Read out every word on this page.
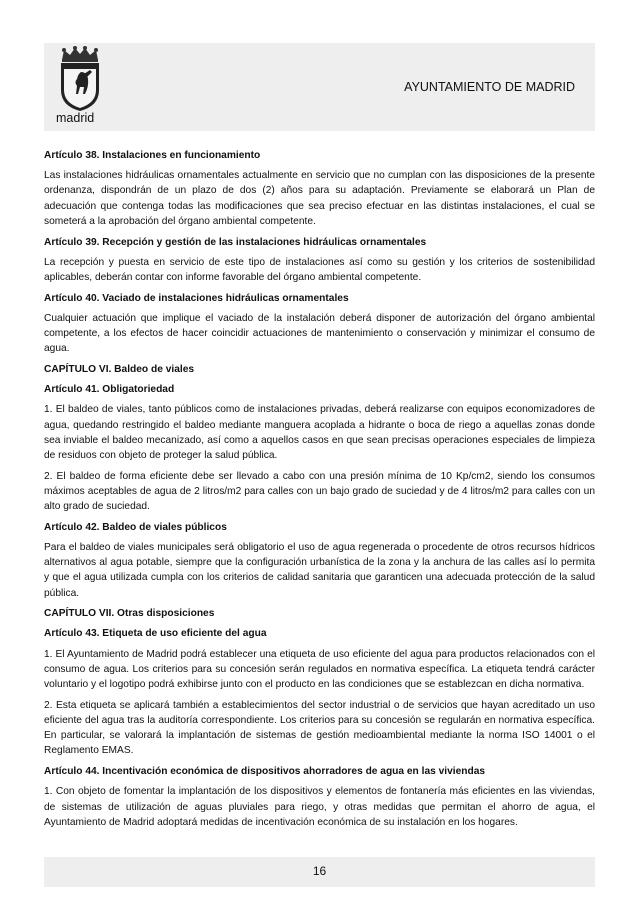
madrid
AYUNTAMIENTO DE MADRID

Artículo 38. Instalaciones en funcionamiento

Las instalaciones hidráulicas ornamentales actualmente en servicio que no cumplan con las disposiciones de la presente ordenanza, dispondrán de un plazo de dos (2) años para su adaptación. Previamente se elaborará un Plan de adecuación que contenga todas las modificaciones que sea preciso efectuar en las distintas instalaciones, el cual se someterá a la aprobación del órgano ambiental competente.

Artículo 39. Recepción y gestión de las instalaciones hidráulicas ornamentales

La recepción y puesta en servicio de este tipo de instalaciones así como su gestión y los criterios de sostenibilidad aplicables, deberán contar con informe favorable del órgano ambiental competente.

Artículo 40. Vaciado de instalaciones hidráulicas ornamentales

Cualquier actuación que implique el vaciado de la instalación deberá disponer de autorización del órgano ambiental competente, a los efectos de hacer coincidir actuaciones de mantenimiento o conservación y minimizar el consumo de agua.

CAPÍTULO VI. Baldeo de viales

Artículo 41. Obligatoriedad

1. El baldeo de viales, tanto públicos como de instalaciones privadas, deberá realizarse con equipos economizadores de agua, quedando restringido el baldeo mediante manguera acoplada a hidrante o boca de riego a aquellas zonas donde sea inviable el baldeo mecanizado, así como a aquellos casos en que sean precisas operaciones especiales de limpieza de residuos con objeto de proteger la salud pública.

2. El baldeo de forma eficiente debe ser llevado a cabo con una presión mínima de 10 Kp/cm2, siendo los consumos máximos aceptables de agua de 2 litros/m2 para calles con un bajo grado de suciedad y de 4 litros/m2 para calles con un alto grado de suciedad.

Artículo 42. Baldeo de viales públicos

Para el baldeo de viales municipales será obligatorio el uso de agua regenerada o procedente de otros recursos hídricos alternativos al agua potable, siempre que la configuración urbanística de la zona y la anchura de las calles así lo permita y que el agua utilizada cumpla con los criterios de calidad sanitaria que garanticen una adecuada protección de la salud pública.

CAPÍTULO VII. Otras disposiciones

Artículo 43. Etiqueta de uso eficiente del agua

1. El Ayuntamiento de Madrid podrá establecer una etiqueta de uso eficiente del agua para productos relacionados con el consumo de agua. Los criterios para su concesión serán regulados en normativa específica. La etiqueta tendrá carácter voluntario y el logotipo podrá exhibirse junto con el producto en las condiciones que se establezcan en dicha normativa.

2. Esta etiqueta se aplicará también a establecimientos del sector industrial o de servicios que hayan acreditado un uso eficiente del agua tras la auditoría correspondiente. Los criterios para su concesión se regularán en normativa específica. En particular, se valorará la implantación de sistemas de gestión medioambiental mediante la norma ISO 14001 o el Reglamento EMAS.

Artículo 44. Incentivación económica de dispositivos ahorradores de agua en las viviendas

1. Con objeto de fomentar la implantación de los dispositivos y elementos de fontanería más eficientes en las viviendas, de sistemas de utilización de aguas pluviales para riego, y otras medidas que permitan el ahorro de agua, el Ayuntamiento de Madrid adoptará medidas de incentivación económica de su instalación en los hogares.

16
